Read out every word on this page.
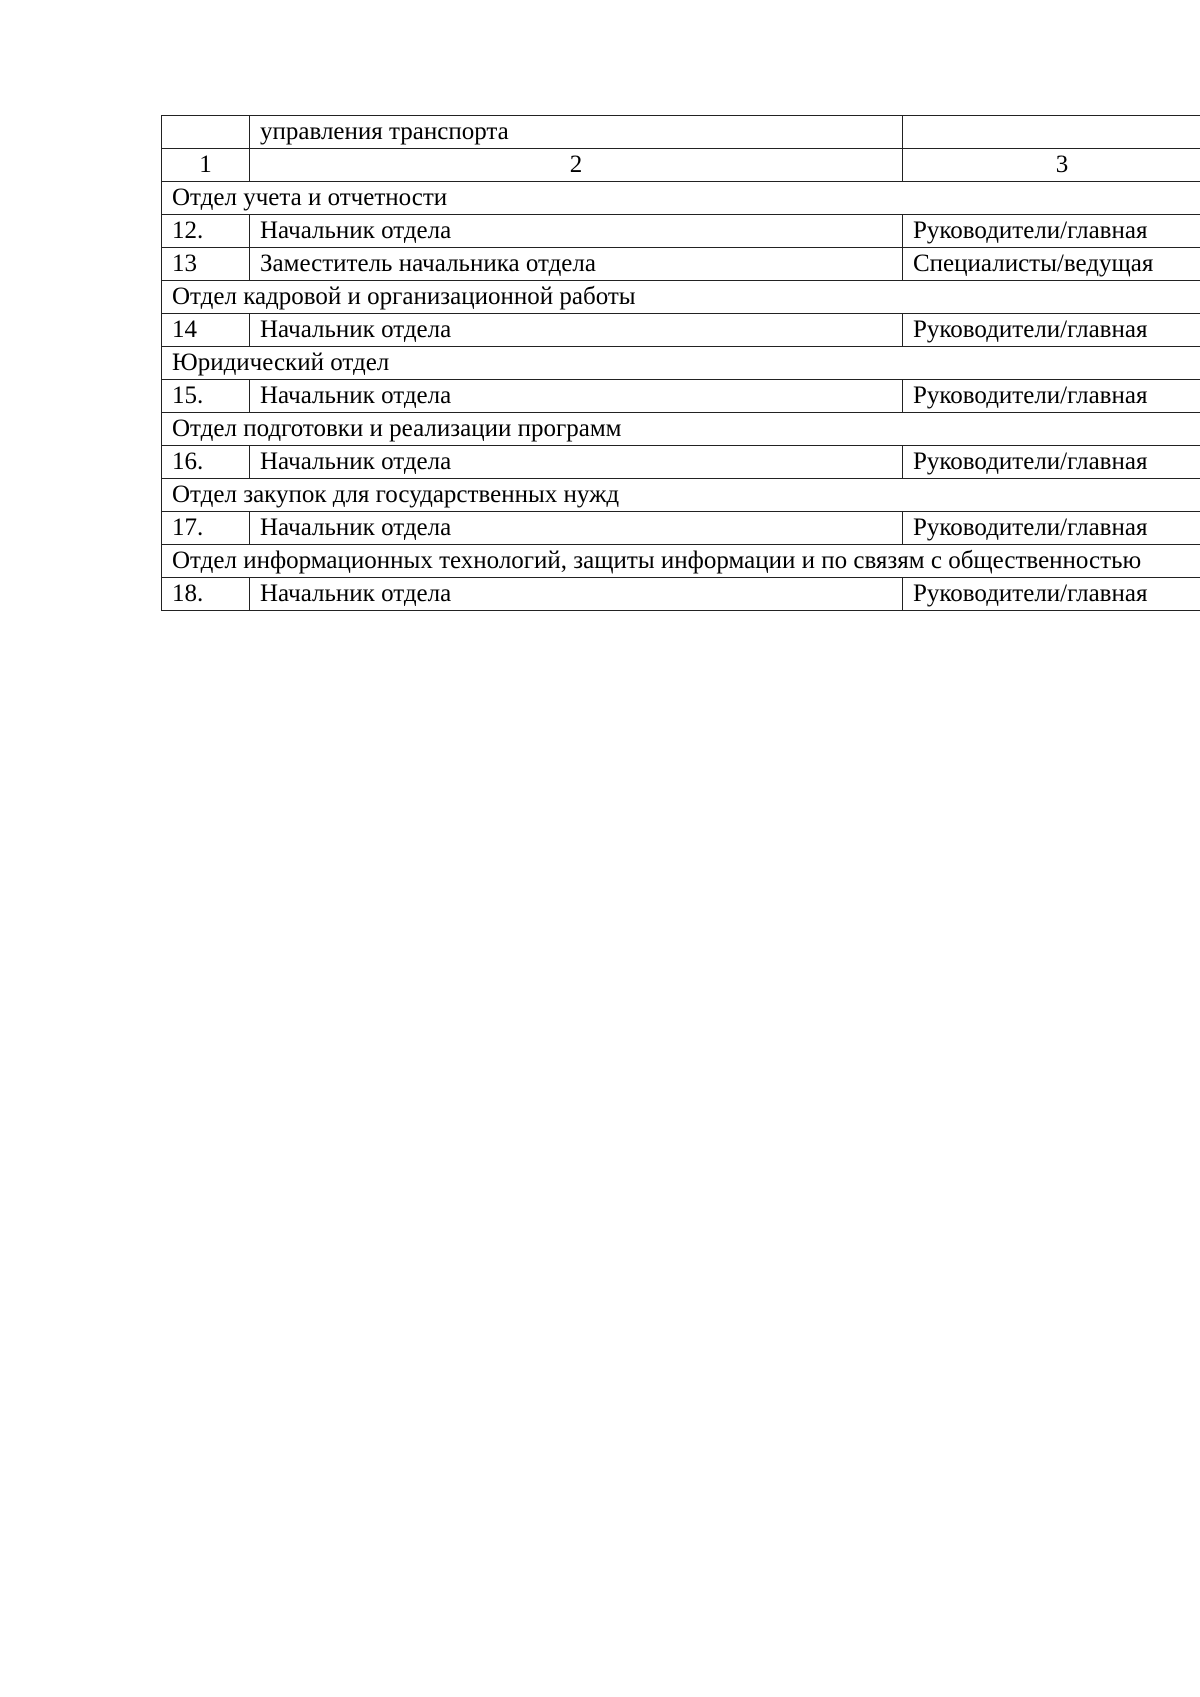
	управления транспорта	
1	2	3
Отдел учета и отчетности		
12.	Начальник отдела	Руководители/главная
13	Заместитель начальника отдела	Специалисты/ведущая
Отдел кадровой и организационной работы		
14	Начальник отдела	Руководители/главная
Юридический отдел		
15.	Начальник отдела	Руководители/главная
Отдел подготовки и реализации программ		
16.	Начальник отдела	Руководители/главная
Отдел закупок для государственных нужд		
17.	Начальник отдела	Руководители/главная
Отдел информационных технологий, защиты информации и по связям с общественностью		
18.	Начальник отдела	Руководители/главная
